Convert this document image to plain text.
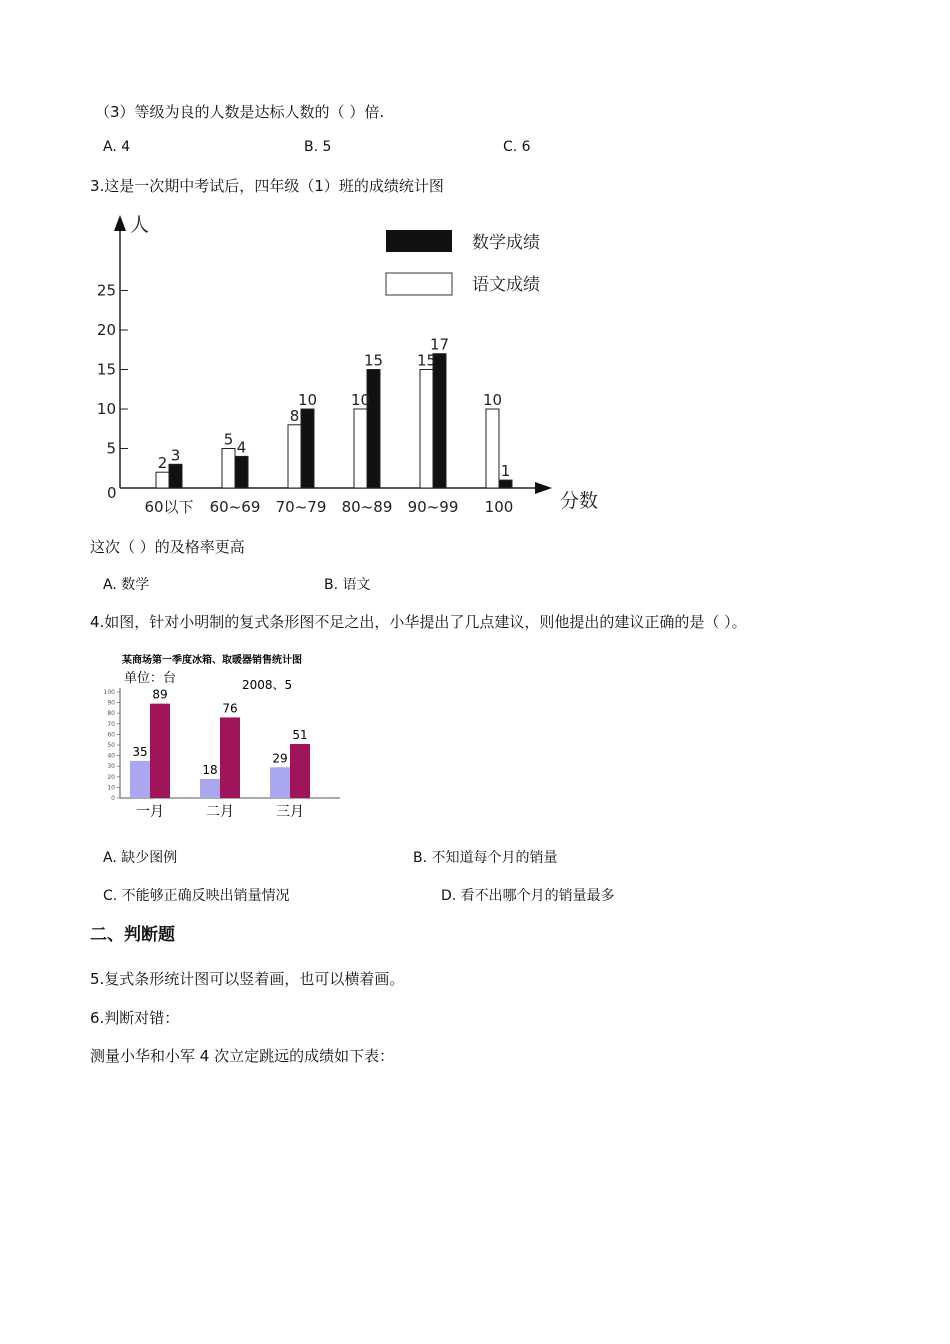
（3）等级为良的人数是达标人数的（ ）倍.
A. 4	B. 5	C. 6
3.这是一次期中考试后，四年级（1）班的成绩统计图
0
5
10
15
20
25
2 3
60以下
5 4
60~69
8
10
70~79
10
15
80~89
15
17
90~99
10
1
100
数学成绩
语文成绩
人
分数
这次（ ）的及格率更高
A. 数学	B. 语文
4.如图，针对小明制的复式条形图不足之出，小华提出了几点建议，则他提出的建议正确的是（ ）。
某商场第一季度冰箱、取暖器销售统计图
单位：台	2008、5
0
10
20
30
40
50
60
70
80
90
100
35
89
一月
18
76
二月
29
51
三月
A. 缺少图例	B. 不知道每个月的销量
C. 不能够正确反映出销量情况	D. 看不出哪个月的销量最多
二、判断题
5.复式条形统计图可以竖着画，也可以横着画。
6.判断对错：
测量小华和小军 4 次立定跳远的成绩如下表：
